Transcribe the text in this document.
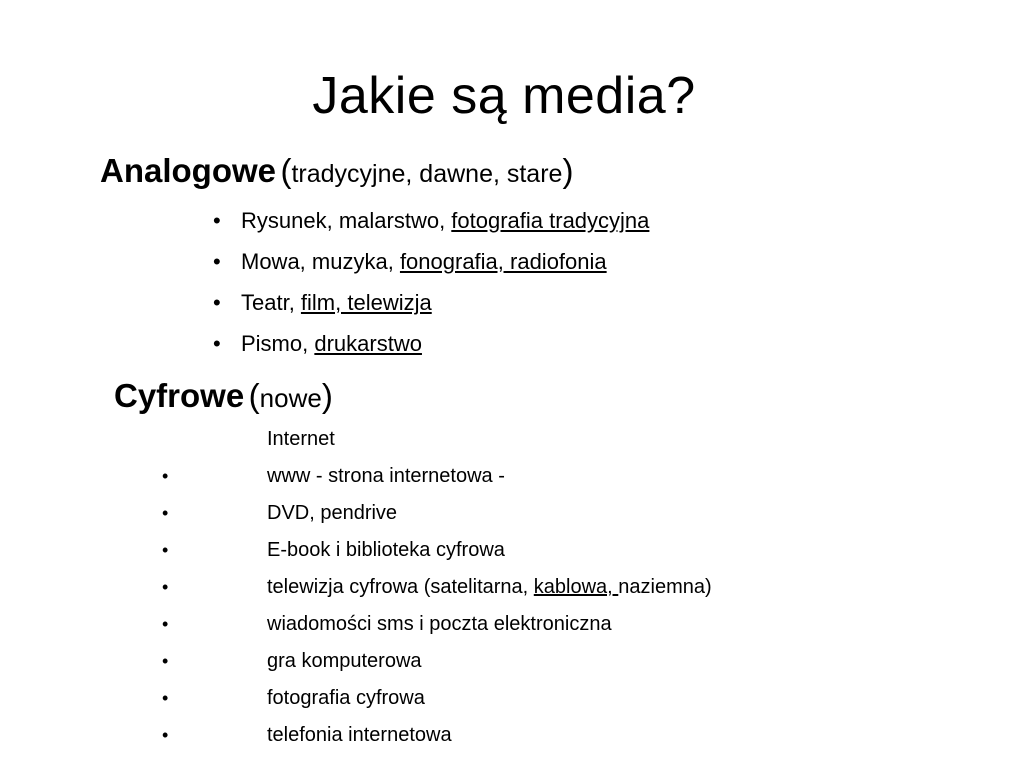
Jakie są media?
Analogowe (tradycyjne, dawne, stare)
• Rysunek, malarstwo, fotografia tradycyjna
• Mowa, muzyka, fonografia, radiofonia
• Teatr, film, telewizja
• Pismo, drukarstwo
Cyfrowe (nowe)
Internet
•	www - strona internetowa -
•	DVD, pendrive
•	E-book i biblioteka cyfrowa
•	telewizja cyfrowa (satelitarna, kablowa, naziemna)
•	wiadomości sms i poczta elektroniczna
•	gra komputerowa
•	fotografia cyfrowa
•	telefonia internetowa
